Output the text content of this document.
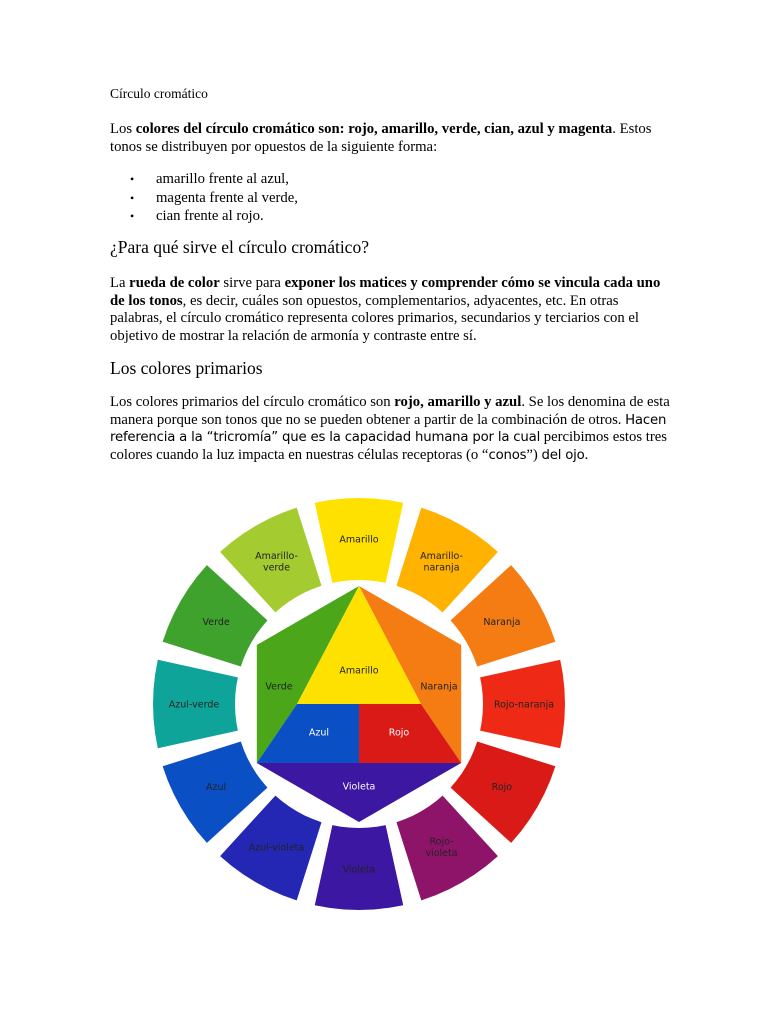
Círculo cromático

Los colores del círculo cromático son: rojo, amarillo, verde, cian, azul y magenta. Estos tonos se distribuyen por opuestos de la siguiente forma:

• amarillo frente al azul,
• magenta frente al verde,
• cian frente al rojo.
¿Para qué sirve el círculo cromático?

La rueda de color sirve para exponer los matices y comprender cómo se vincula cada uno de los tonos, es decir, cuáles son opuestos, complementarios, adyacentes, etc. En otras palabras, el círculo cromático representa colores primarios, secundarios y terciarios con el objetivo de mostrar la relación de armonía y contraste entre sí.

Los colores primarios

Los colores primarios del círculo cromático son rojo, amarillo y azul. Se los denomina de esta manera porque son tonos que no se pueden obtener a partir de la combinación de otros. Hacen referencia a la “tricromía” que es la capacidad humana por la cual percibimos estos tres colores cuando la luz impacta en nuestras células receptoras (o “conos”) del ojo.

Amarillo
Amarillo-naranja
Naranja
Rojo-naranja
Rojo
Rojo-violeta
Violeta
Azul-violeta
Azul
Azul-verde
Verde
Amarillo-verde
Verde	Naranja
Amarillo
Azul	Rojo
Violeta
